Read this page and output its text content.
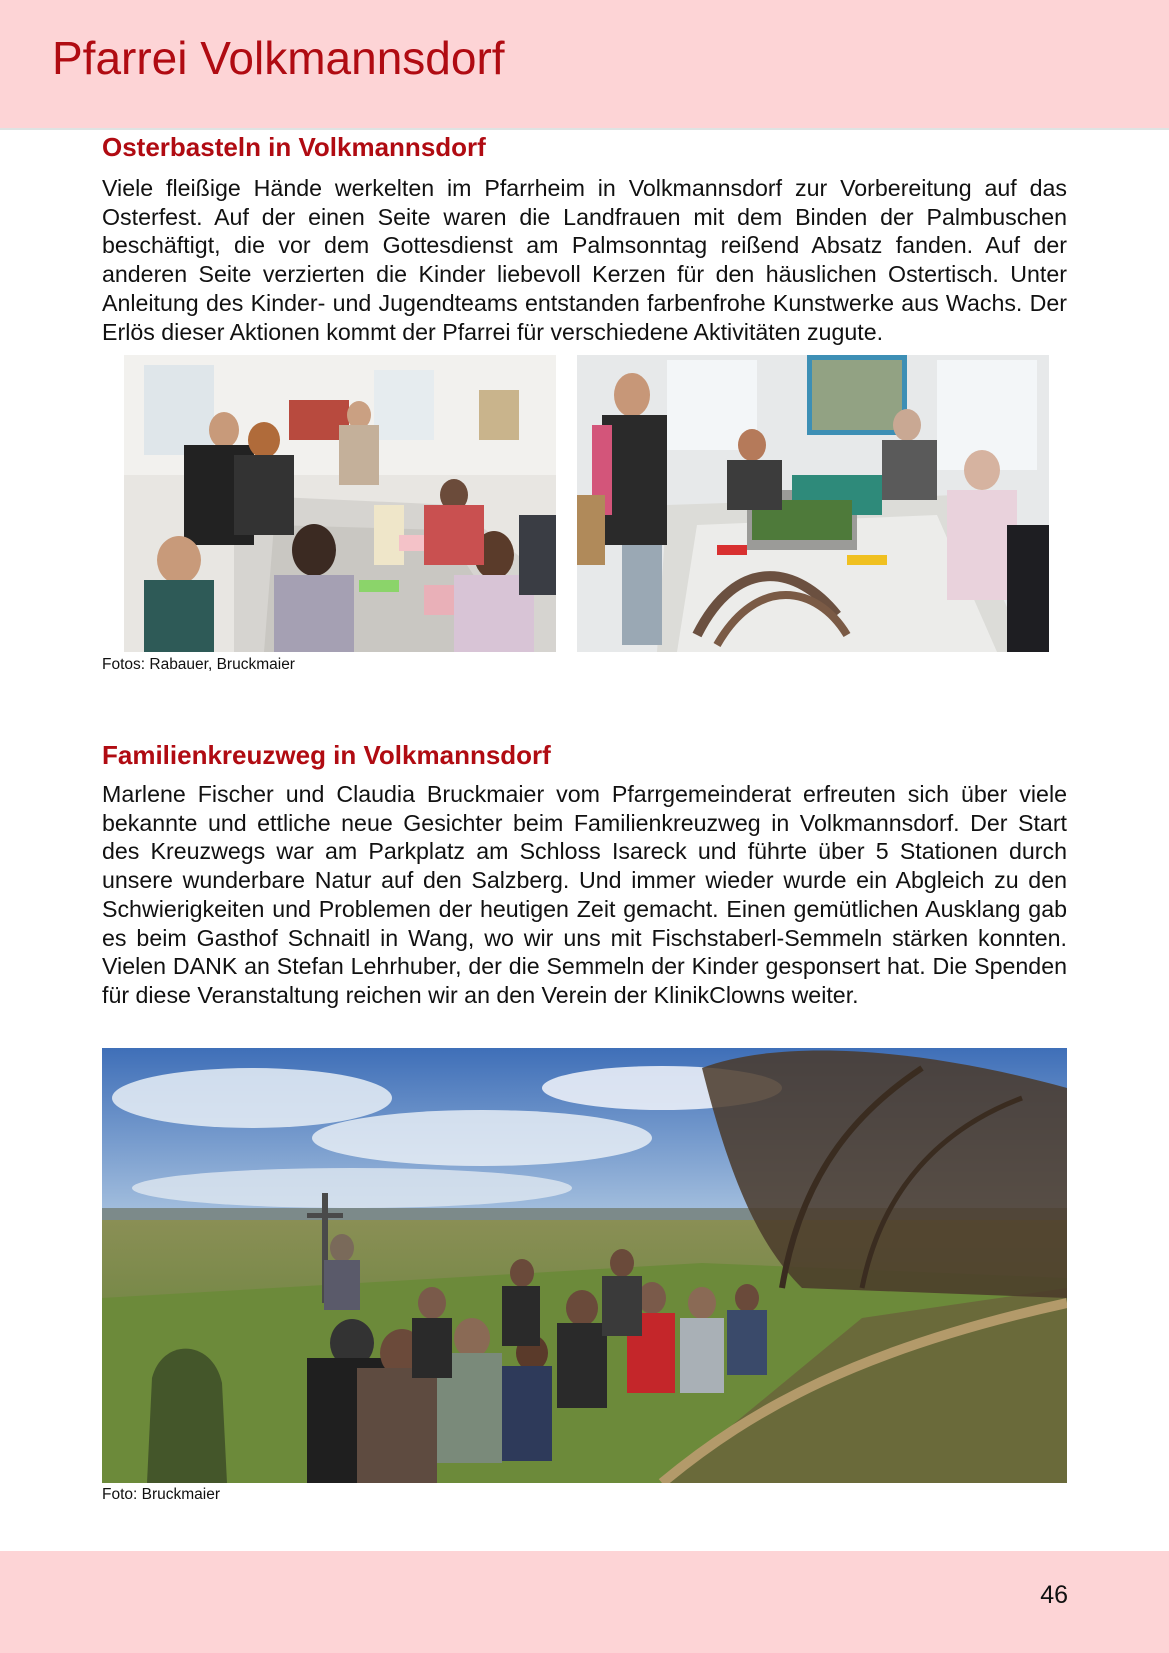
Pfarrei Volkmannsdorf
Osterbasteln in Volkmannsdorf

Viele fleißige Hände werkelten im Pfarrheim in Volkmannsdorf zur Vorbereitung auf das Osterfest. Auf der einen Seite waren die Landfrauen mit dem Binden der Palmbuschen beschäftigt, die vor dem Gottesdienst am Palmsonntag reißend Absatz fanden. Auf der anderen Seite verzierten die Kinder liebevoll Kerzen für den häuslichen Ostertisch. Unter Anleitung des Kinder- und Jugendteams entstanden farbenfrohe Kunstwerke aus Wachs. Der Erlös dieser Aktionen kommt der Pfarrei für verschiedene Aktivitäten zugute.

Fotos: Rabauer, Bruckmaier

Familienkreuzweg in Volkmannsdorf

Marlene Fischer und Claudia Bruckmaier vom Pfarrgemeinderat erfreuten sich über viele bekannte und ettliche neue Gesichter beim Familienkreuzweg in Volkmannsdorf. Der Start des Kreuzwegs war am Parkplatz am Schloss Isareck und führte über 5 Stationen durch unsere wunderbare Natur auf den Salzberg. Und immer wieder wurde ein Abgleich zu den Schwierigkeiten und Problemen der heutigen Zeit gemacht. Einen gemütlichen Ausklang gab es beim Gasthof Schnaitl in Wang, wo wir uns mit Fischstaberl-Semmeln stärken konnten. Vielen DANK an Stefan Lehrhuber, der die Semmeln der Kinder gesponsert hat. Die Spenden für diese Veranstaltung reichen wir an den Verein der KlinikClowns weiter.

Foto: Bruckmaier

46
